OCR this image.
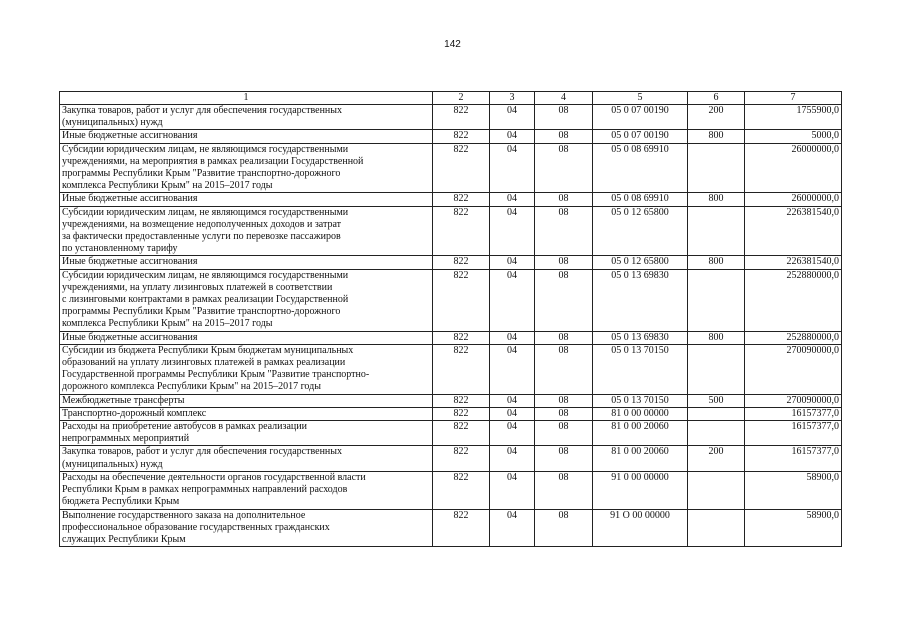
142
1	2	3	4	5	6	7

Закупка товаров, работ и услуг для обеспечения государственных
(муниципальных) нужд	822	04	08	05 0 07 00190	200	1755900,0

Иные бюджетные ассигнования	822	04	08	05 0 07 00190	800	5000,0

Субсидии юридическим лицам, не являющимся государственными
учреждениями, на мероприятия в рамках реализации Государственной
программы Республики Крым "Развитие транспортно-дорожного
комплекса Республики Крым" на 2015–2017 годы	822	04	08	05 0 08 69910		26000000,0

Иные бюджетные ассигнования	822	04	08	05 0 08 69910	800	26000000,0

Субсидии юридическим лицам, не являющимся государственными
учреждениями, на возмещение недополученных доходов и затрат
за фактически предоставленные услуги по перевозке пассажиров
по установленному тарифу	822	04	08	05 0 12 65800		226381540,0

Иные бюджетные ассигнования	822	04	08	05 0 12 65800	800	226381540,0

Субсидии юридическим лицам, не являющимся государственными
учреждениями, на уплату лизинговых платежей в соответствии
с лизинговыми контрактами в рамках реализации Государственной
программы Республики Крым "Развитие транспортно-дорожного
комплекса Республики Крым" на 2015–2017 годы	822	04	08	05 0 13 69830		252880000,0

Иные бюджетные ассигнования	822	04	08	05 0 13 69830	800	252880000,0

Субсидии из бюджета Республики Крым бюджетам муниципальных
образований на уплату лизинговых платежей в рамках реализации
Государственной программы Республики Крым "Развитие транспортно-
дорожного комплекса Республики Крым" на 2015–2017 годы	822	04	08	05 0 13 70150		270090000,0

Межбюджетные трансферты	822	04	08	05 0 13 70150	500	270090000,0

Транспортно-дорожный комплекс	822	04	08	81 0 00 00000		16157377,0

Расходы на приобретение автобусов в рамках реализации
непрограммных мероприятий	822	04	08	81 0 00 20060		16157377,0

Закупка товаров, работ и услуг для обеспечения государственных
(муниципальных) нужд	822	04	08	81 0 00 20060	200	16157377,0

Расходы на обеспечение деятельности органов государственной власти
Республики Крым в рамках непрограммных направлений расходов
бюджета Республики Крым	822	04	08	91 0 00 00000		58900,0

Выполнение государственного заказа на дополнительное
профессиональное образование государственных гражданских
служащих Республики Крым	822	04	08	91 О 00 00000		58900,0
